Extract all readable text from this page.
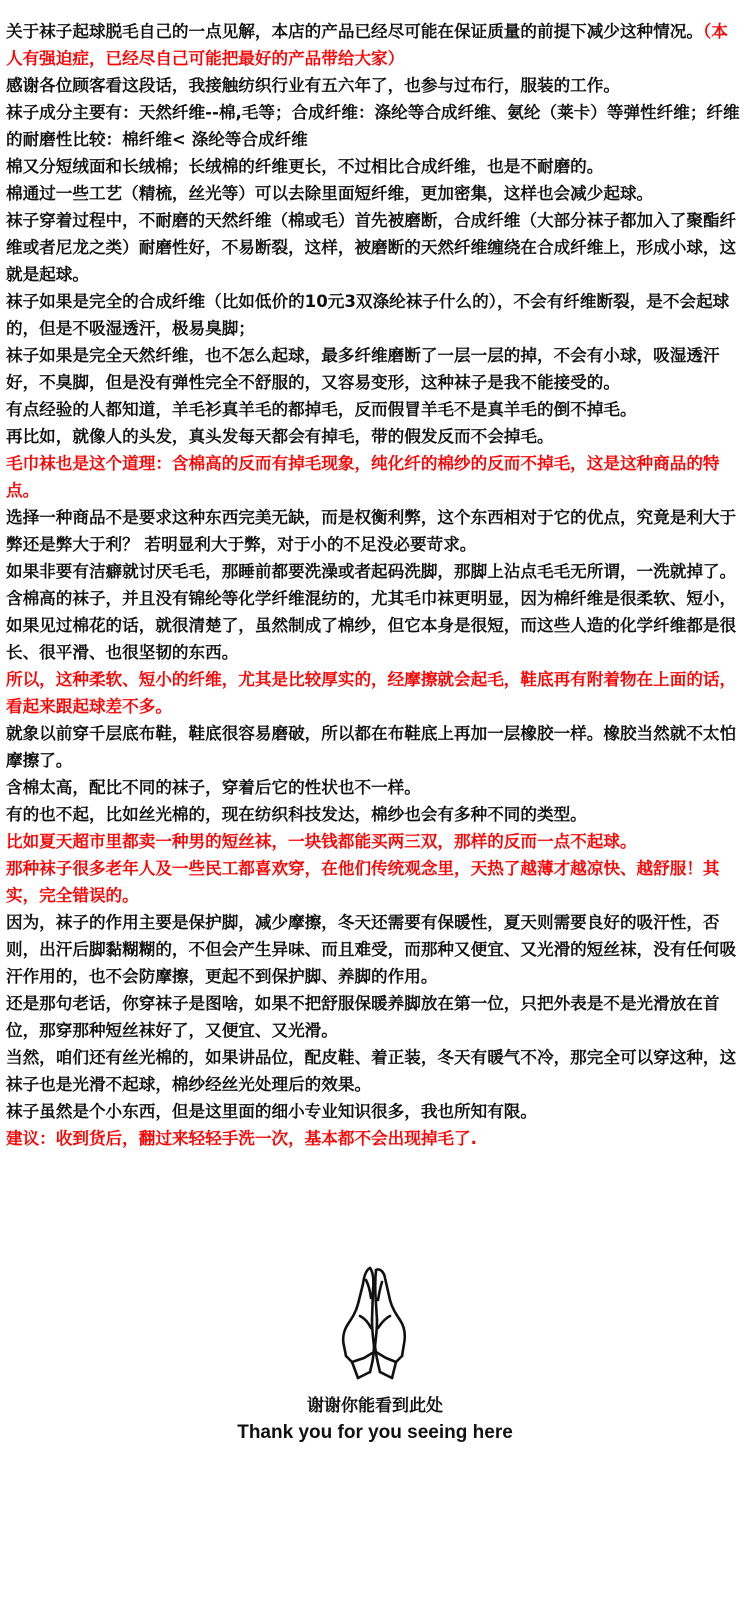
关于袜子起球脱毛自己的一点见解，本店的产品已经尽可能在保证质量的前提下减少这种情况。（本人有强迫症，已经尽自己可能把最好的产品带给大家）

感谢各位顾客看这段话，我接触纺织行业有五六年了，也参与过布行，服装的工作。

袜子成分主要有：天然纤维--棉,毛等；合成纤维：涤纶等合成纤维、氨纶（莱卡）等弹性纤维；纤维的耐磨性比较：棉纤维< 涤纶等合成纤维

棉又分短绒面和长绒棉；长绒棉的纤维更长，不过相比合成纤维，也是不耐磨的。

棉通过一些工艺（精梳，丝光等）可以去除里面短纤维，更加密集，这样也会减少起球。

袜子穿着过程中，不耐磨的天然纤维（棉或毛）首先被磨断，合成纤维（大部分袜子都加入了聚酯纤维或者尼龙之类）耐磨性好，不易断裂，这样，被磨断的天然纤维缠绕在合成纤维上，形成小球，这就是起球。

袜子如果是完全的合成纤维（比如低价的10元3双涤纶袜子什么的），不会有纤维断裂，是不会起球的，但是不吸湿透汗，极易臭脚；

袜子如果是完全天然纤维，也不怎么起球，最多纤维磨断了一层一层的掉，不会有小球，吸湿透汗好，不臭脚，但是没有弹性完全不舒服的，又容易变形，这种袜子是我不能接受的。

有点经验的人都知道，羊毛衫真羊毛的都掉毛，反而假冒羊毛不是真羊毛的倒不掉毛。

再比如，就像人的头发，真头发每天都会有掉毛，带的假发反而不会掉毛。

毛巾袜也是这个道理：含棉高的反而有掉毛现象，纯化纤的棉纱的反而不掉毛，这是这种商品的特点。

选择一种商品不是要求这种东西完美无缺，而是权衡利弊，这个东西相对于它的优点，究竟是利大于弊还是弊大于利？ 若明显利大于弊，对于小的不足没必要苛求。

如果非要有洁癖就讨厌毛毛，那睡前都要洗澡或者起码洗脚，那脚上沾点毛毛无所谓，一洗就掉了。

含棉高的袜子，并且没有锦纶等化学纤维混纺的，尤其毛巾袜更明显，因为棉纤维是很柔软、短小，如果见过棉花的话，就很清楚了，虽然制成了棉纱，但它本身是很短，而这些人造的化学纤维都是很长、很平滑、也很坚韧的东西。

所以，这种柔软、短小的纤维，尤其是比较厚实的，经摩擦就会起毛，鞋底再有附着物在上面的话，看起来跟起球差不多。

就象以前穿千层底布鞋，鞋底很容易磨破，所以都在布鞋底上再加一层橡胶一样。橡胶当然就不太怕摩擦了。

含棉太高，配比不同的袜子，穿着后它的性状也不一样。

有的也不起，比如丝光棉的，现在纺织科技发达，棉纱也会有多种不同的类型。

比如夏天超市里都卖一种男的短丝袜，一块钱都能买两三双，那样的反而一点不起球。

那种袜子很多老年人及一些民工都喜欢穿，在他们传统观念里，天热了越薄才越凉快、越舒服！其实，完全错误的。

因为，袜子的作用主要是保护脚，减少摩擦，冬天还需要有保暖性，夏天则需要良好的吸汗性，否则，出汗后脚黏糊糊的，不但会产生异味、而且难受，而那种又便宜、又光滑的短丝袜，没有任何吸汗作用的，也不会防摩擦，更起不到保护脚、养脚的作用。

还是那句老话，你穿袜子是图啥，如果不把舒服保暖养脚放在第一位，只把外表是不是光滑放在首位，那穿那种短丝袜好了，又便宜、又光滑。

当然，咱们还有丝光棉的，如果讲品位，配皮鞋、着正装，冬天有暖气不冷，那完全可以穿这种，这袜子也是光滑不起球，棉纱经丝光处理后的效果。

袜子虽然是个小东西，但是这里面的细小专业知识很多，我也所知有限。

建议：收到货后，翻过来轻轻手洗一次，基本都不会出现掉毛了.

谢谢你能看到此处
Thank you for you seeing here
